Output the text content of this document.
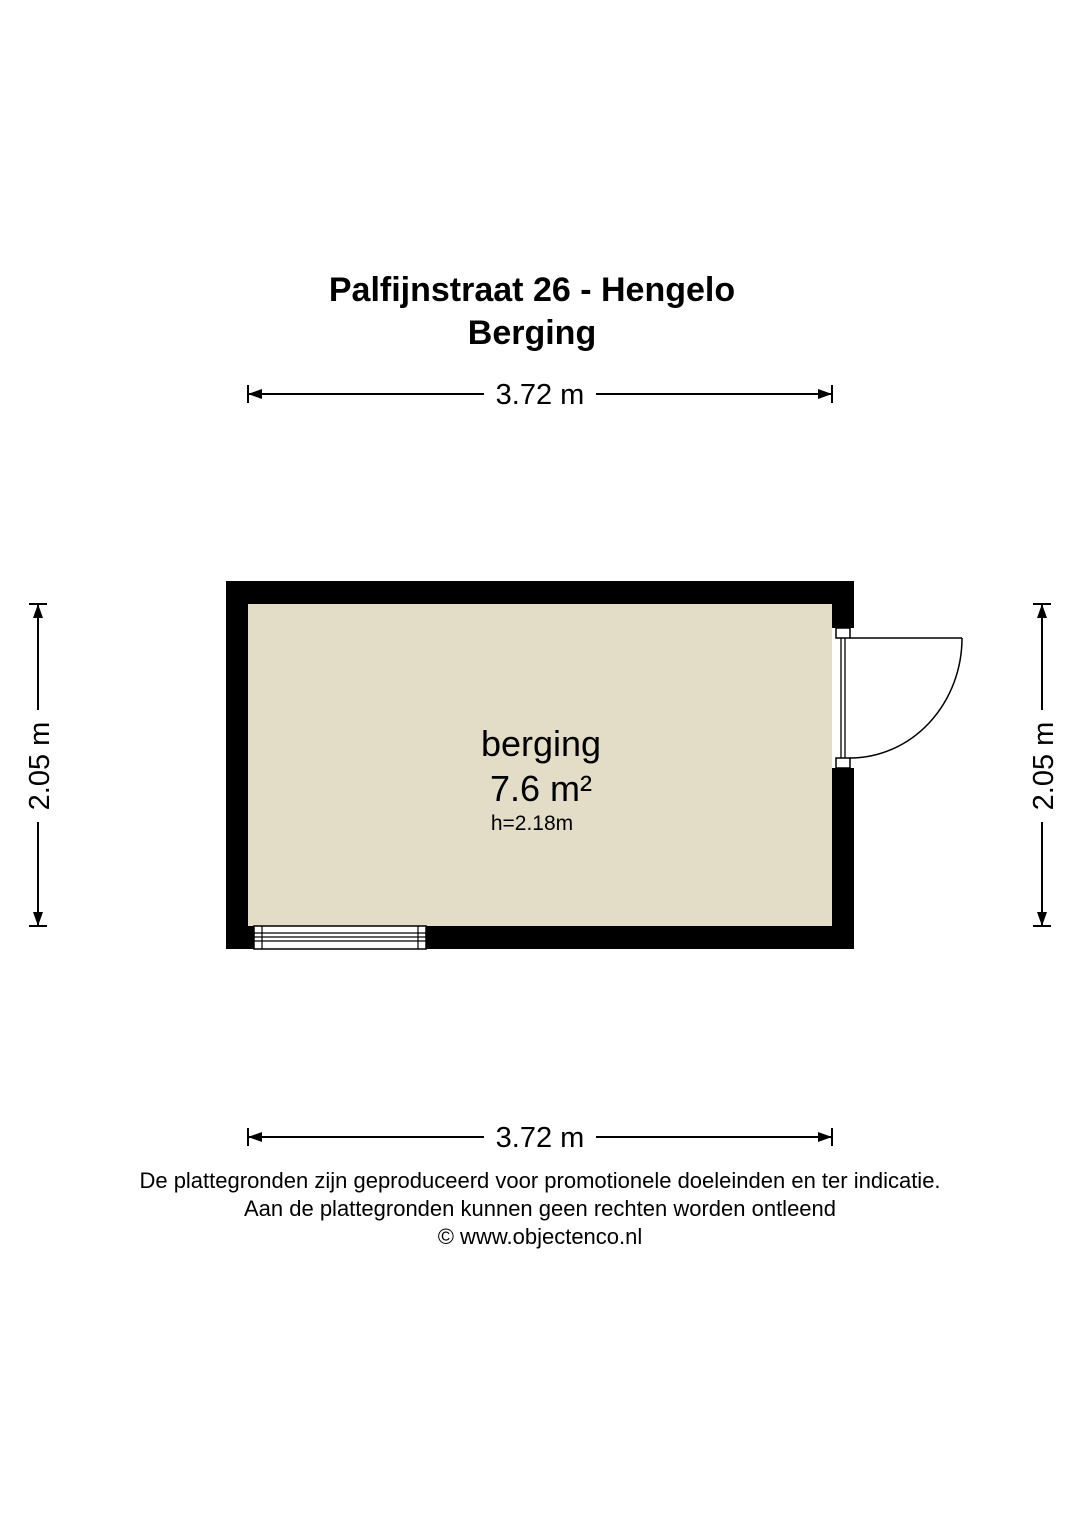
Palfijnstraat 26 - Hengelo

Berging

3.72 m
3.72 m
2.05 m	2.05 m
berging
7.6 m²
h=2.18m

De plattegronden zijn geproduceerd voor promotionele doeleinden en ter indicatie.

Aan de plattegronden kunnen geen rechten worden ontleend

© www.objectenco.nl
